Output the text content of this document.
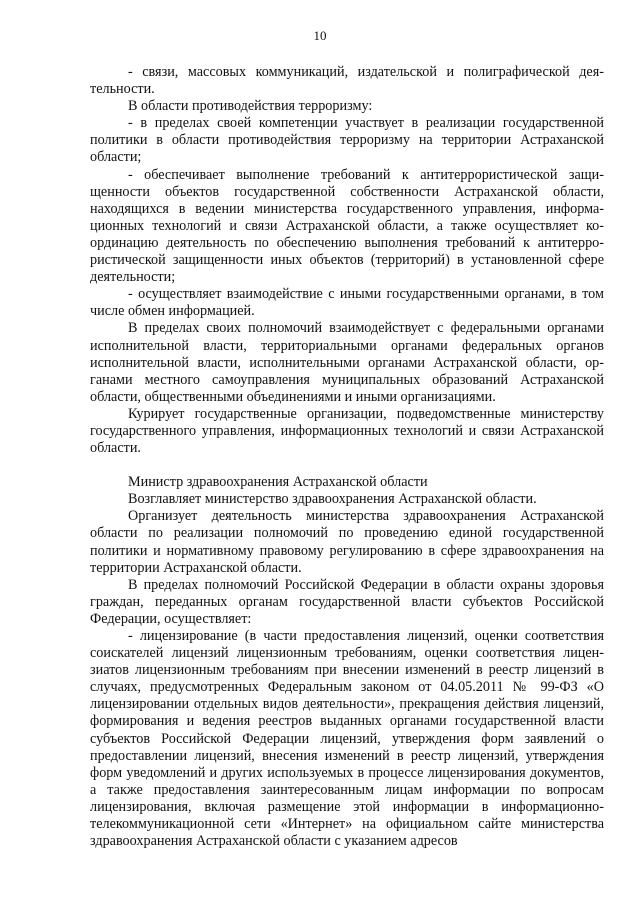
10

- связи, массовых коммуникаций, издательской и полиграфической деятельности.

В области противодействия терроризму:

- в пределах своей компетенции участвует в реализации государственной политики в области противодействия терроризму на территории Астраханской области;

- обеспечивает выполнение требований к антитеррористической защищенности объектов государственной собственности Астраханской области, находящихся в ведении министерства государственного управления, информационных технологий и связи Астраханской области, а также осуществляет координацию деятельность по обеспечению выполнения требований к антитеррористической защищенности иных объектов (территорий) в установленной сфере деятельности;

- осуществляет взаимодействие с иными государственными органами, в том числе обмен информацией.

В пределах своих полномочий взаимодействует с федеральными органами исполнительной власти, территориальными органами федеральных органов исполнительной власти, исполнительными органами Астраханской области, органами местного самоуправления муниципальных образований Астраханской области, общественными объединениями и иными организациями.

Курирует государственные организации, подведомственные министерству государственного управления, информационных технологий и связи Астраханской области.

Министр здравоохранения Астраханской области

Возглавляет министерство здравоохранения Астраханской области.

Организует деятельность министерства здравоохранения Астраханской области по реализации полномочий по проведению единой государственной политики и нормативному правовому регулированию в сфере здравоохранения на территории Астраханской области.

В пределах полномочий Российской Федерации в области охраны здоровья граждан, переданных органам государственной власти субъектов Российской Федерации, осуществляет:

- лицензирование (в части предоставления лицензий, оценки соответствия соискателей лицензий лицензионным требованиям, оценки соответствия лицензиатов лицензионным требованиям при внесении изменений в реестр лицензий в случаях, предусмотренных Федеральным законом от 04.05.2011 № 99-ФЗ «О лицензировании отдельных видов деятельности», прекращения действия лицензий, формирования и ведения реестров выданных органами государственной власти субъектов Российской Федерации лицензий, утверждения форм заявлений о предоставлении лицензий, внесения изменений в реестр лицензий, утверждения форм уведомлений и других используемых в процессе лицензирования документов, а также предоставления заинтересованным лицам информации по вопросам лицензирования, включая размещение этой информации в информационно-телекоммуникационной сети «Интернет» на официальном сайте министерства здравоохранения Астраханской области с указанием адресов
